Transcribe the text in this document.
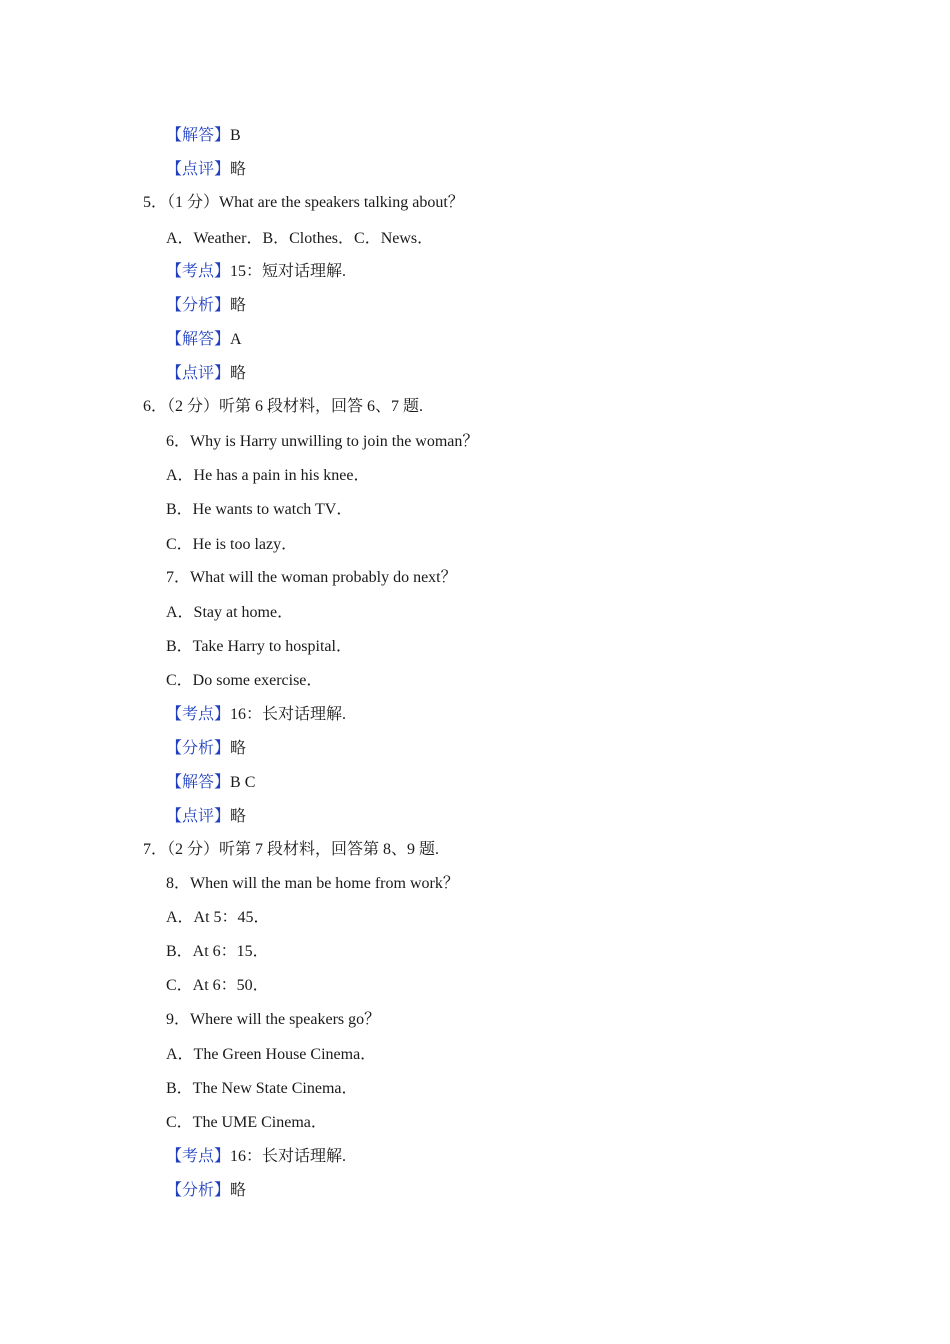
【解答】B
【点评】略
5．（1 分）What are the speakers talking about？
A．Weather．B．Clothes．C．News．
【考点】15：短对话理解.
【分析】略
【解答】A
【点评】略
6．（2 分）听第 6 段材料，回答 6、7 题.
6．Why is Harry unwilling to join the woman？
A．He has a pain in his knee．
B．He wants to watch TV．
C．He is too lazy．
7．What will the woman probably do next？
A．Stay at home．
B．Take Harry to hospital．
C．Do some exercise．
【考点】16：长对话理解.
【分析】略
【解答】B C
【点评】略
7．（2 分）听第 7 段材料，回答第 8、9 题.
8．When will the man be home from work？
A．At 5：45．
B．At 6：15．
C．At 6：50．
9．Where will the speakers go？
A．The Green House Cinema．
B．The New State Cinema．
C．The UME Cinema．
【考点】16：长对话理解.
【分析】略
